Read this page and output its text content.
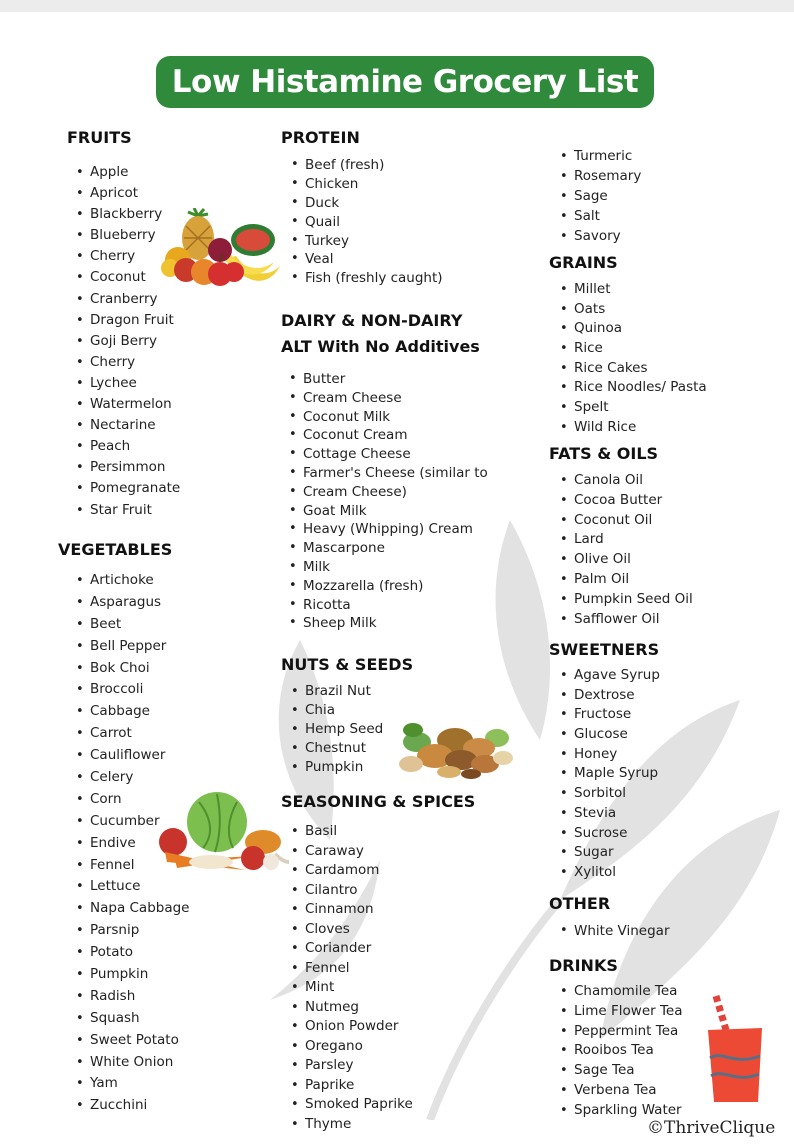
Low Histamine Grocery List
FRUITS
• Apple
• Apricot
• Blackberry
• Blueberry
• Cherry
• Coconut
• Cranberry
• Dragon Fruit
• Goji Berry
• Cherry
• Lychee
• Watermelon
• Nectarine
• Peach
• Persimmon
• Pomegranate
• Star Fruit
VEGETABLES
• Artichoke
• Asparagus
• Beet
• Bell Pepper
• Bok Choi
• Broccoli
• Cabbage
• Carrot
• Cauliflower
• Celery
• Corn
• Cucumber
• Endive
• Fennel
• Lettuce
• Napa Cabbage
• Parsnip
• Potato
• Pumpkin
• Radish
• Squash
• Sweet Potato
• White Onion
• Yam
• Zucchini
PROTEIN
• Beef (fresh)
• Chicken
• Duck
• Quail
• Turkey
• Veal
• Fish (freshly caught)
DAIRY & NON-DAIRY
ALT With No Additives
• Butter
• Cream Cheese
• Coconut Milk
• Coconut Cream
• Cottage Cheese
• Farmer's Cheese (similar to
• Cream Cheese)
• Goat Milk
• Heavy (Whipping) Cream
• Mascarpone
• Milk
• Mozzarella (fresh)
• Ricotta
• Sheep Milk
NUTS & SEEDS
• Brazil Nut
• Chia
• Hemp Seed
• Chestnut
• Pumpkin
SEASONING & SPICES
• Basil
• Caraway
• Cardamom
• Cilantro
• Cinnamon
• Cloves
• Coriander
• Fennel
• Mint
• Nutmeg
• Onion Powder
• Oregano
• Parsley
• Paprike
• Smoked Paprike
• Thyme
• Turmeric
• Rosemary
• Sage
• Salt
• Savory
GRAINS
• Millet
• Oats
• Quinoa
• Rice
• Rice Cakes
• Rice Noodles/ Pasta
• Spelt
• Wild Rice
FATS & OILS
• Canola Oil
• Cocoa Butter
• Coconut Oil
• Lard
• Olive Oil
• Palm Oil
• Pumpkin Seed Oil
• Safflower Oil
SWEETNERS
• Agave Syrup
• Dextrose
• Fructose
• Glucose
• Honey
• Maple Syrup
• Sorbitol
• Stevia
• Sucrose
• Sugar
• Xylitol
OTHER
• White Vinegar
DRINKS
• Chamomile Tea
• Lime Flower Tea
• Peppermint Tea
• Rooibos Tea
• Sage Tea
• Verbena Tea
• Sparkling Water
©ThriveClique
